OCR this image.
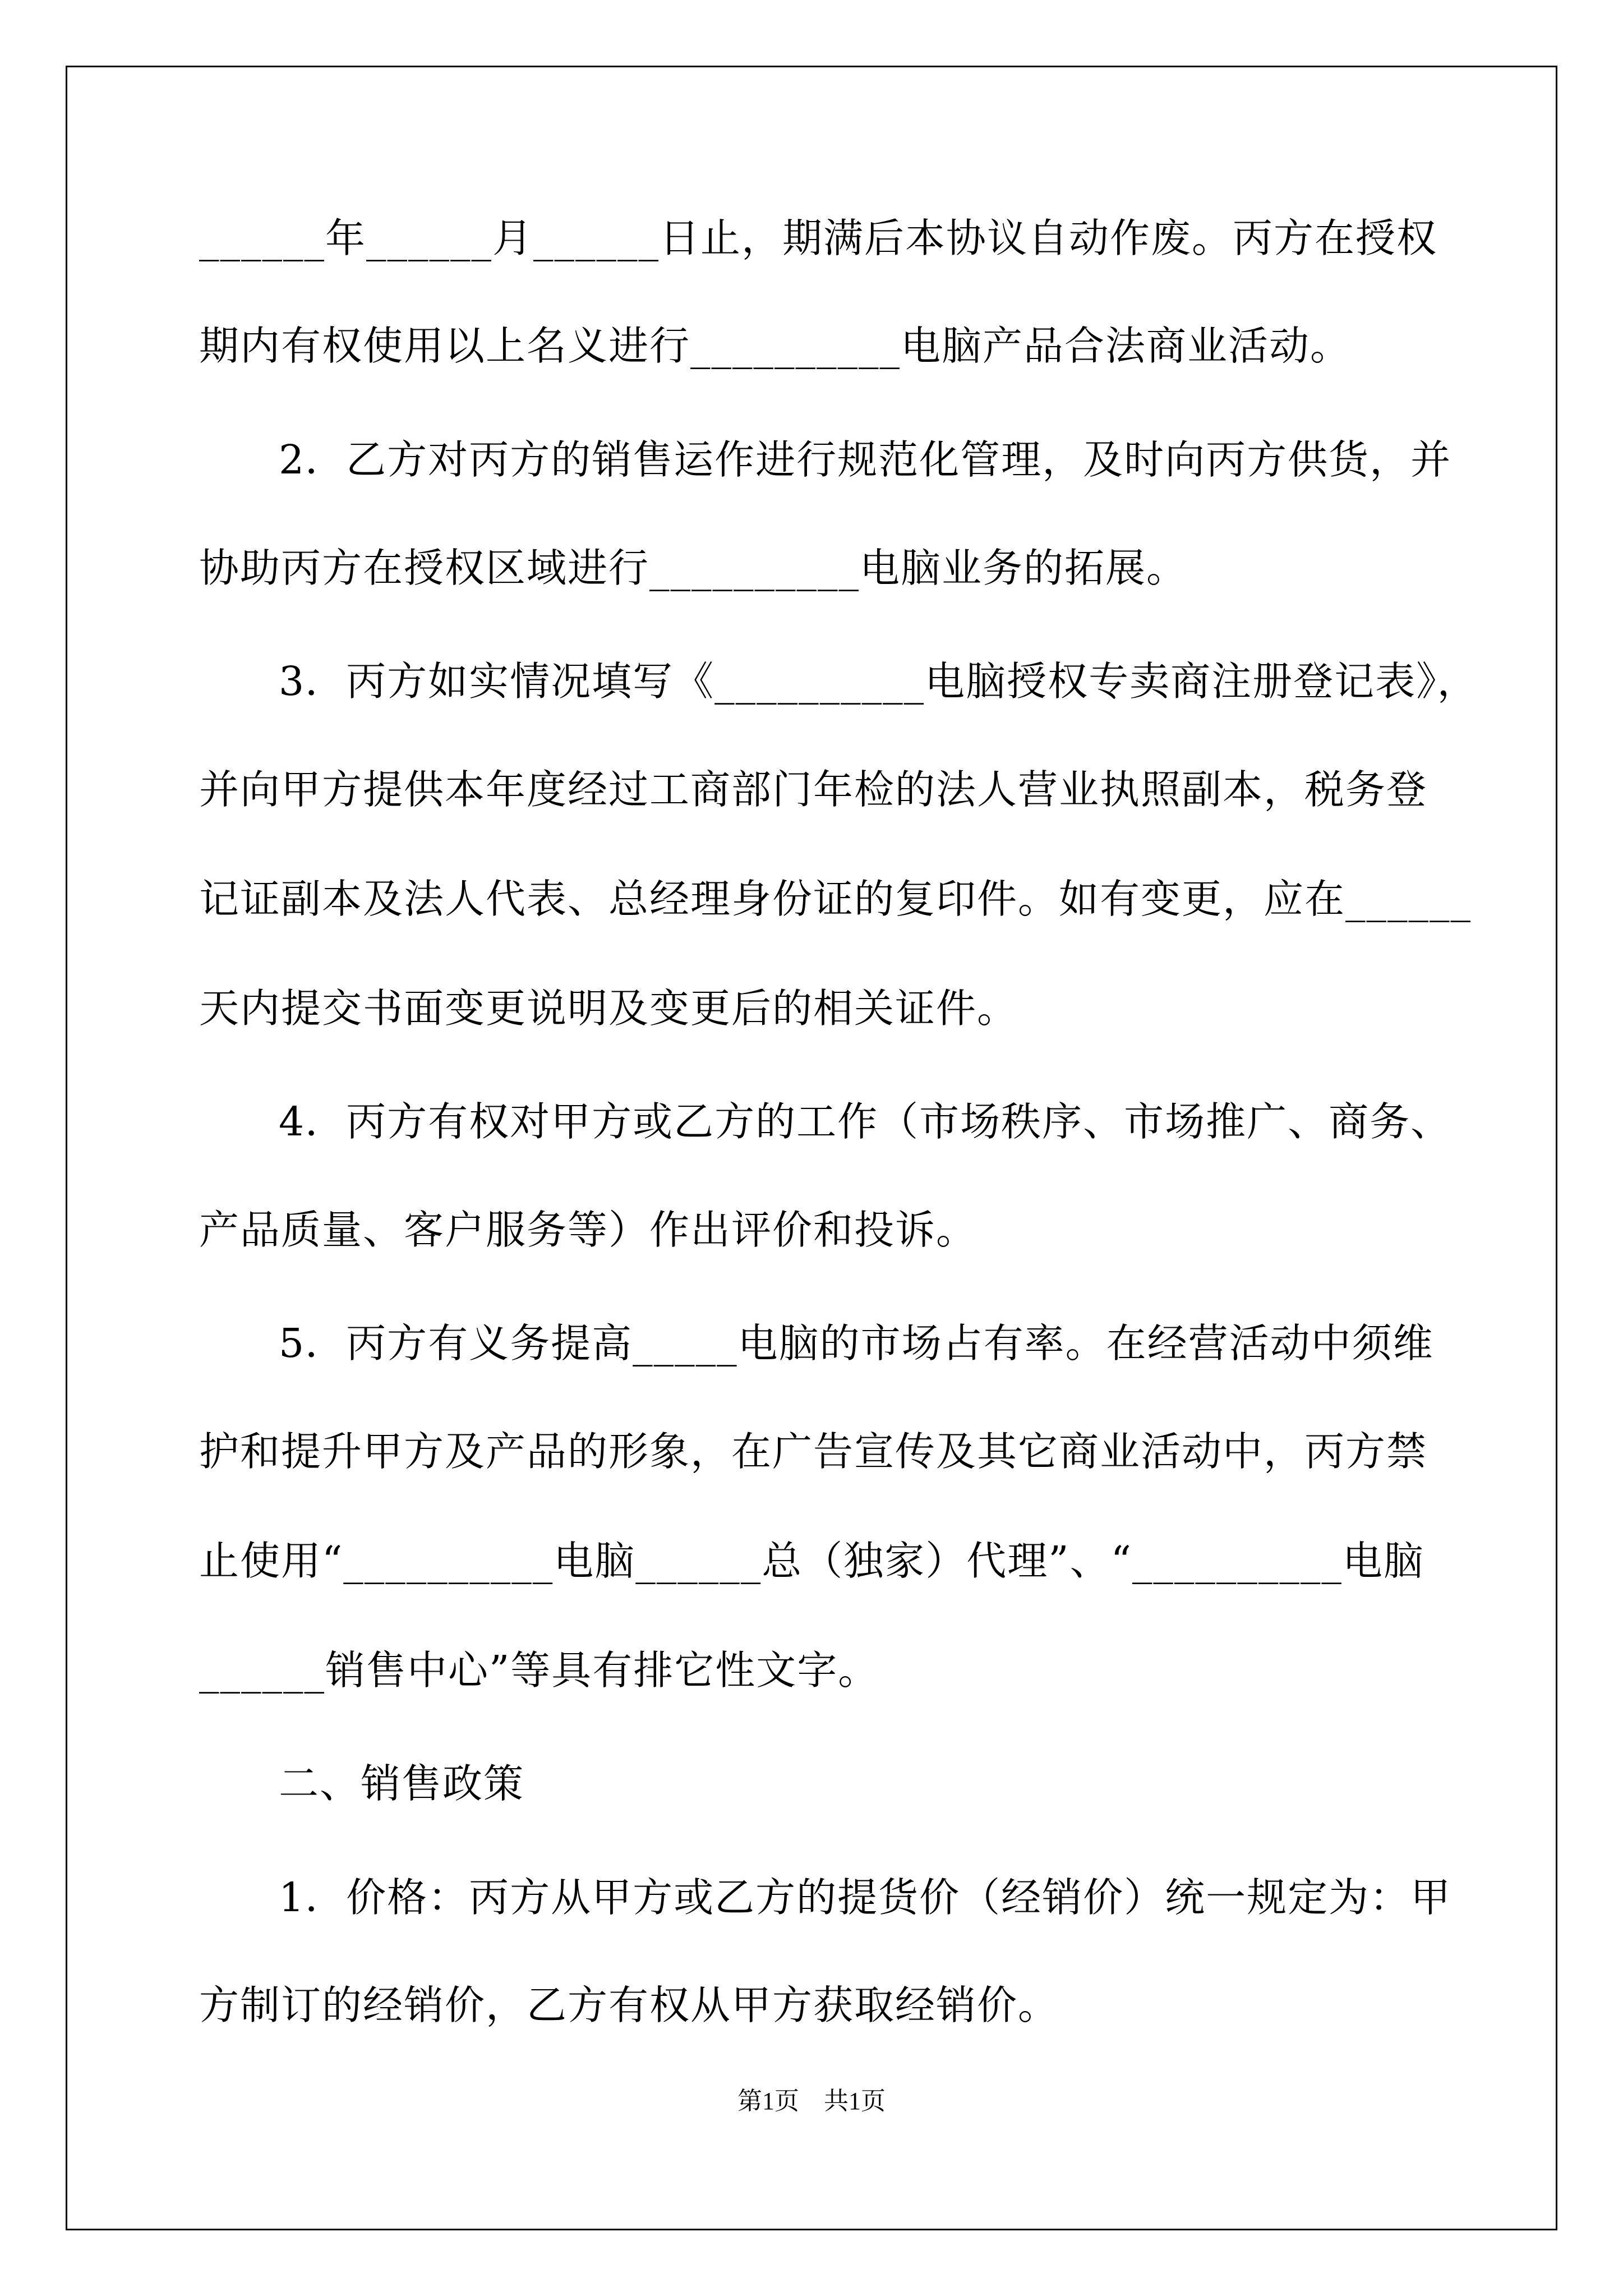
______年______月______日止，期满后本协议自动作废。丙方在授权
期内有权使用以上名义进行__________电脑产品合法商业活动。
2．乙方对丙方的销售运作进行规范化管理，及时向丙方供货，并
协助丙方在授权区域进行__________电脑业务的拓展。
3．丙方如实情况填写《__________电脑授权专卖商注册登记表》，
并向甲方提供本年度经过工商部门年检的法人营业执照副本，税务登
记证副本及法人代表、总经理身份证的复印件。如有变更，应在______
天内提交书面变更说明及变更后的相关证件。
4．丙方有权对甲方或乙方的工作（市场秩序、市场推广、商务、
产品质量、客户服务等）作出评价和投诉。
5．丙方有义务提高_____电脑的市场占有率。在经营活动中须维
护和提升甲方及产品的形象，在广告宣传及其它商业活动中，丙方禁
止使用“__________电脑______总（独家）代理”、“__________电脑
______销售中心”等具有排它性文字。
二、销售政策
1．价格：丙方从甲方或乙方的提货价（经销价）统一规定为：甲
方制订的经销价，乙方有权从甲方获取经销价。
第1页　共1页
